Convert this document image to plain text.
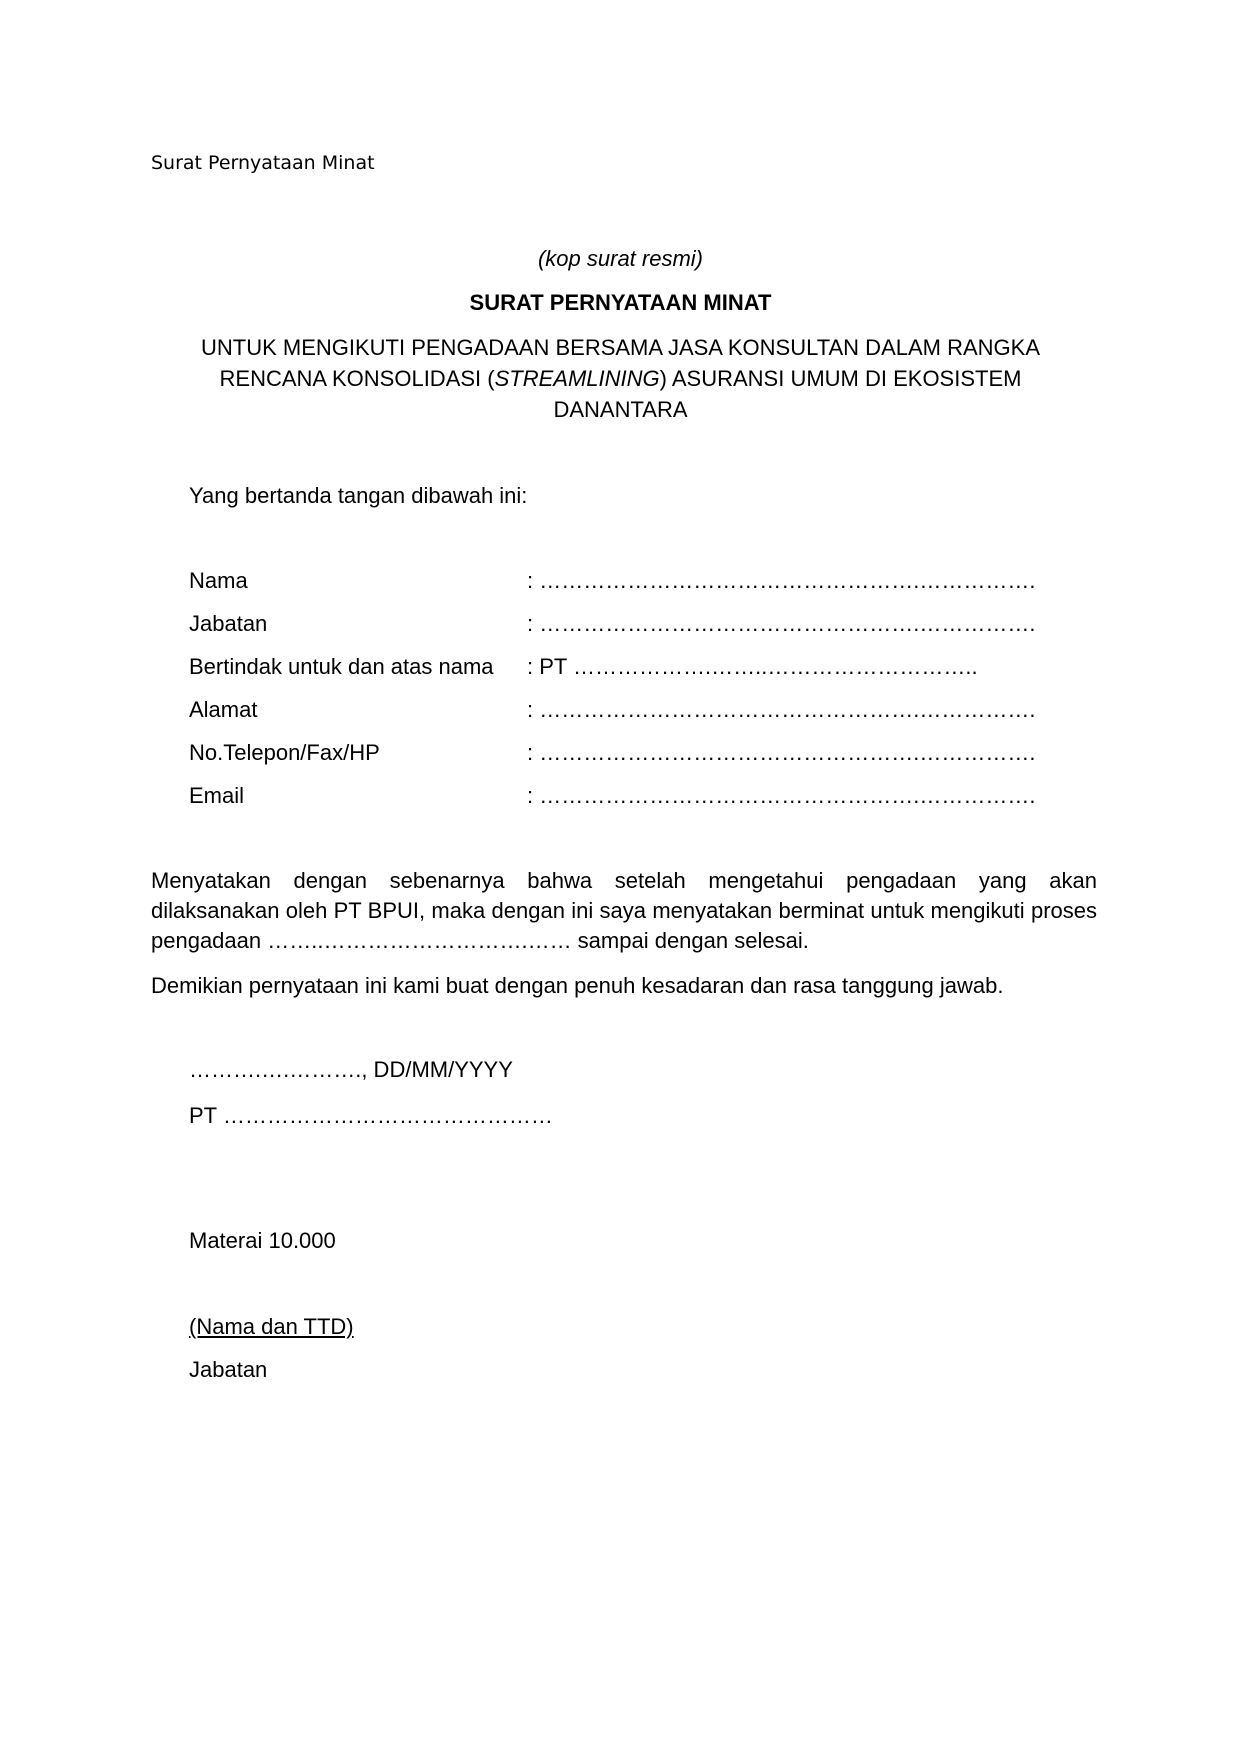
Surat Pernyataan Minat
(kop surat resmi)
SURAT PERNYATAAN MINAT
UNTUK MENGIKUTI PENGADAAN BERSAMA JASA KONSULTAN DALAM RANGKA
RENCANA KONSOLIDASI (STREAMLINING) ASURANSI UMUM DI EKOSISTEM
DANANTARA
Yang bertanda tangan dibawah ini:
Nama	: …………………………………………….…………….
Jabatan	: …………………………………………….…………….
Bertindak untuk dan atas nama : PT ……………….……..………………………..
Alamat	: …………………………………………….…………….
No.Telepon/Fax/HP	: …………………………………………….…………….
Email	: …………………………………………….…………….
Menyatakan dengan sebenarnya bahwa setelah mengetahui pengadaan yang akan dilaksanakan oleh PT BPUI, maka dengan ini saya menyatakan berminat untuk mengikuti proses pengadaan ……..……………………….…… sampai dengan selesai.
Demikian pernyataan ini kami buat dengan penuh kesadaran dan rasa tanggung jawab.
……….….………., DD/MM/YYYY
PT ………………………………………
Materai 10.000
(Nama dan TTD)
Jabatan
